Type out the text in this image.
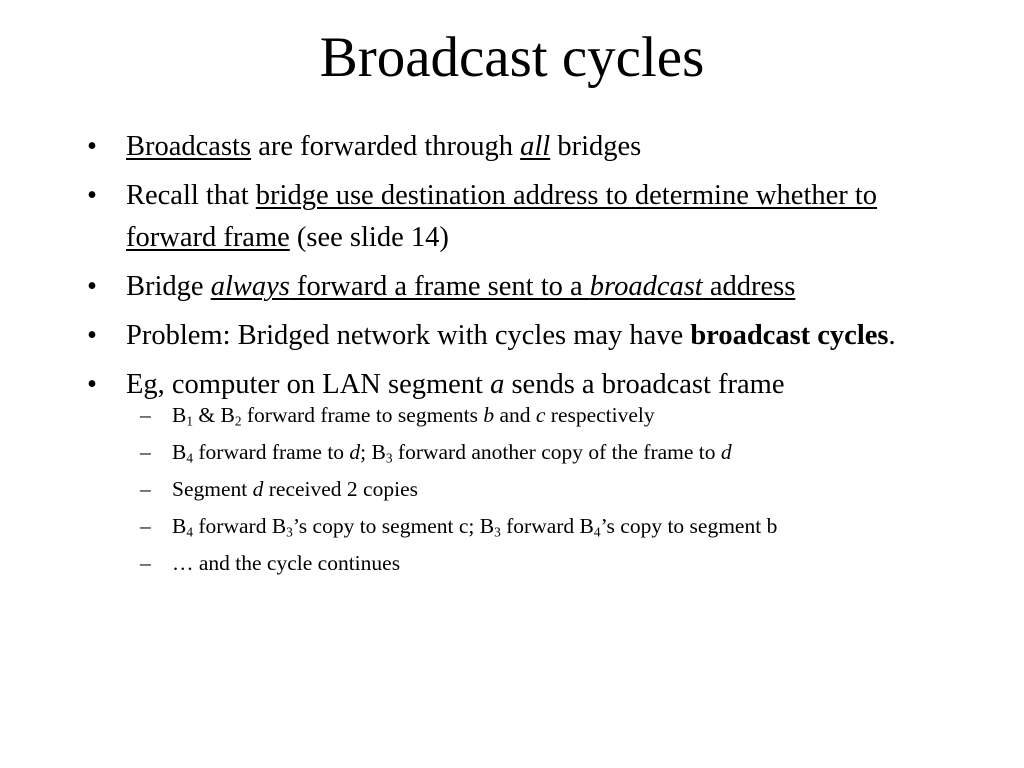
Broadcast cycles
• Broadcasts are forwarded through all bridges
• Recall that bridge use destination address to determine whether to forward frame (see slide 14)
• Bridge always forward a frame sent to a broadcast address
• Problem: Bridged network with cycles may have broadcast cycles.
• Eg, computer on LAN segment a sends a broadcast frame
– $B_1$ & $B_2$ forward frame to segments b and c respectively
– $B_4$ forward frame to d; $B_3$ forward another copy of the frame to d
– Segment d received 2 copies
– $B_4$ forward $B_3’s$ copy to segment c; $B_3$ forward $B_4’s$ copy to segment b
– … and the cycle continues
